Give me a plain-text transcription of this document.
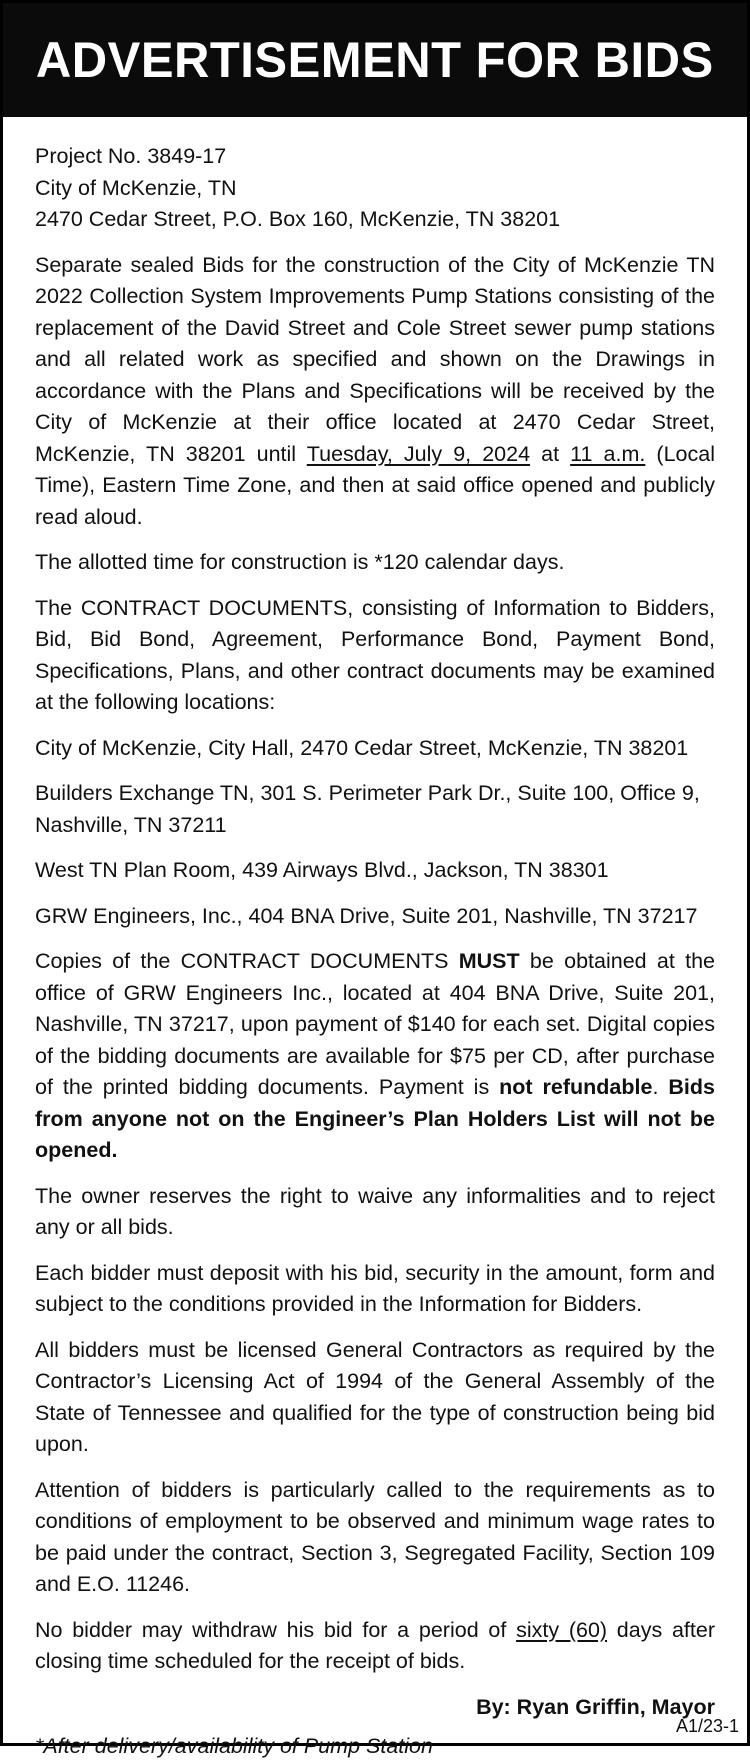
ADVERTISEMENT FOR BIDS
Project No. 3849-17
City of McKenzie, TN
2470 Cedar Street, P.O. Box 160, McKenzie, TN 38201

Separate sealed Bids for the construction of the City of McKenzie TN 2022 Collection System Improvements Pump Stations consisting of the replacement of the David Street and Cole Street sewer pump stations and all related work as specified and shown on the Drawings in accordance with the Plans and Specifications will be received by the City of McKenzie at their office located at 2470 Cedar Street, McKenzie, TN 38201 until Tuesday, July 9, 2024 at 11 a.m. (Local Time), Eastern Time Zone, and then at said office opened and publicly read aloud.

The allotted time for construction is *120 calendar days.

The CONTRACT DOCUMENTS, consisting of Information to Bidders, Bid, Bid Bond, Agreement, Performance Bond, Payment Bond, Specifications, Plans, and other contract documents may be examined at the following locations:

City of McKenzie, City Hall, 2470 Cedar Street, McKenzie, TN 38201

Builders Exchange TN, 301 S. Perimeter Park Dr., Suite 100, Office 9, Nashville, TN 37211

West TN Plan Room, 439 Airways Blvd., Jackson, TN 38301

GRW Engineers, Inc., 404 BNA Drive, Suite 201, Nashville, TN 37217

Copies of the CONTRACT DOCUMENTS MUST be obtained at the office of GRW Engineers Inc., located at 404 BNA Drive, Suite 201, Nashville, TN 37217, upon payment of $140 for each set. Digital copies of the bidding documents are available for $75 per CD, after purchase of the printed bidding documents. Payment is not refundable. Bids from anyone not on the Engineer’s Plan Holders List will not be opened.

The owner reserves the right to waive any informalities and to reject any or all bids.

Each bidder must deposit with his bid, security in the amount, form and subject to the conditions provided in the Information for Bidders.

All bidders must be licensed General Contractors as required by the Contractor’s Licensing Act of 1994 of the General Assembly of the State of Tennessee and qualified for the type of construction being bid upon.

Attention of bidders is particularly called to the requirements as to conditions of employment to be observed and minimum wage rates to be paid under the contract, Section 3, Segregated Facility, Section 109 and E.O. 11246.

No bidder may withdraw his bid for a period of sixty (60) days after closing time scheduled for the receipt of bids.

By: Ryan Griffin, Mayor
*After delivery/availability of Pump Station
A1/23-1
